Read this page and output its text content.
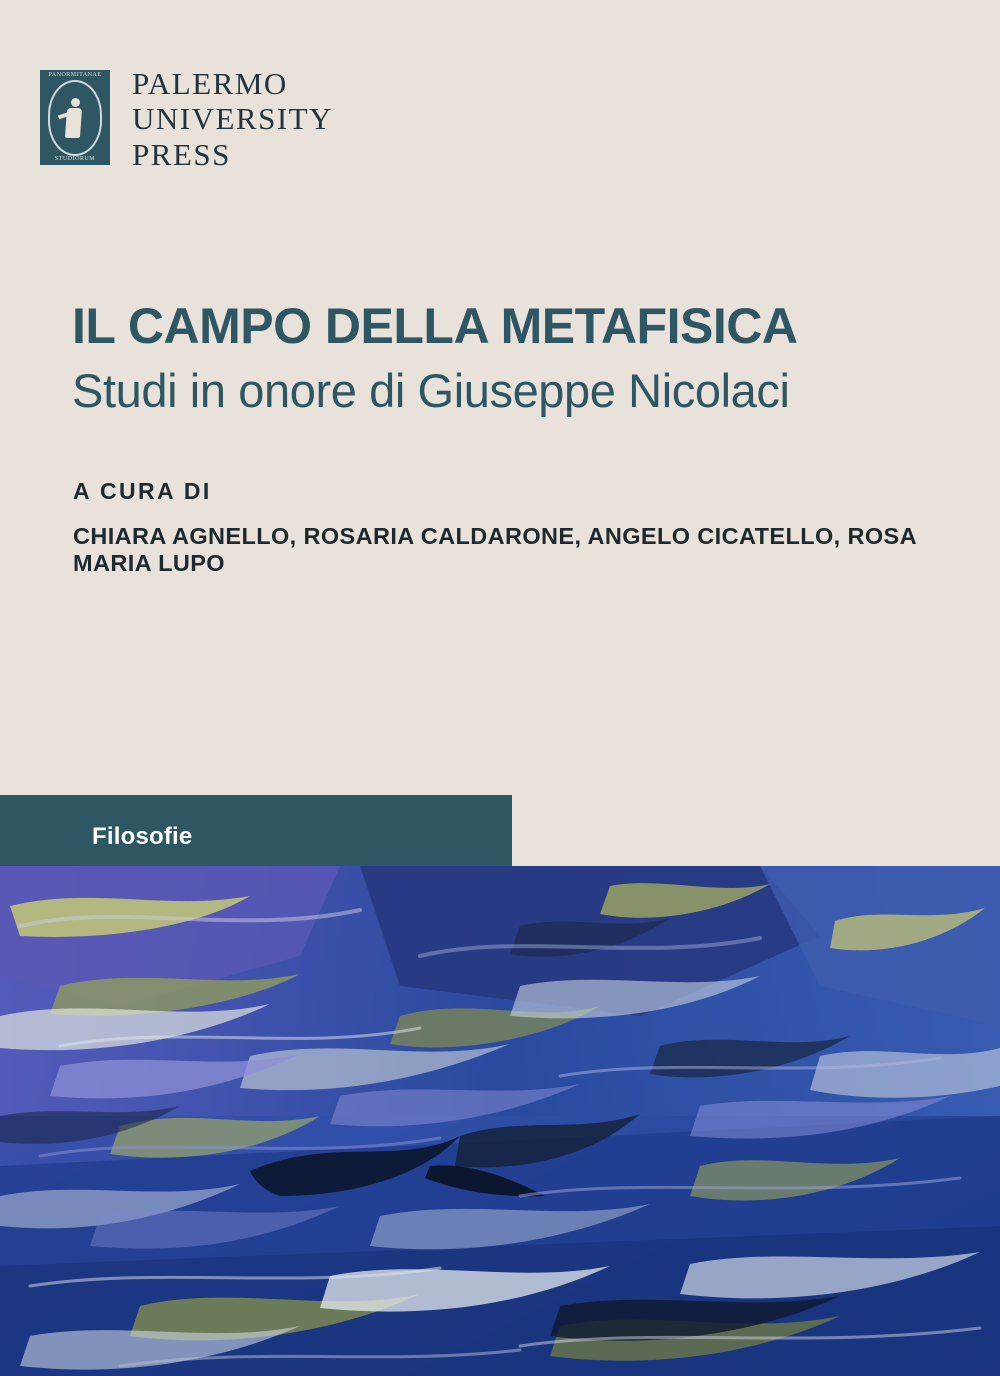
PANORMITANAE
STUDIORUM
PALERMO
UNIVERSITY
PRESS
IL CAMPO DELLA METAFISICA
Studi in onore di Giuseppe Nicolaci

A CURA DI

CHIARA AGNELLO, ROSARIA CALDARONE, ANGELO CICATELLO, ROSA MARIA LUPO

Filosofie
